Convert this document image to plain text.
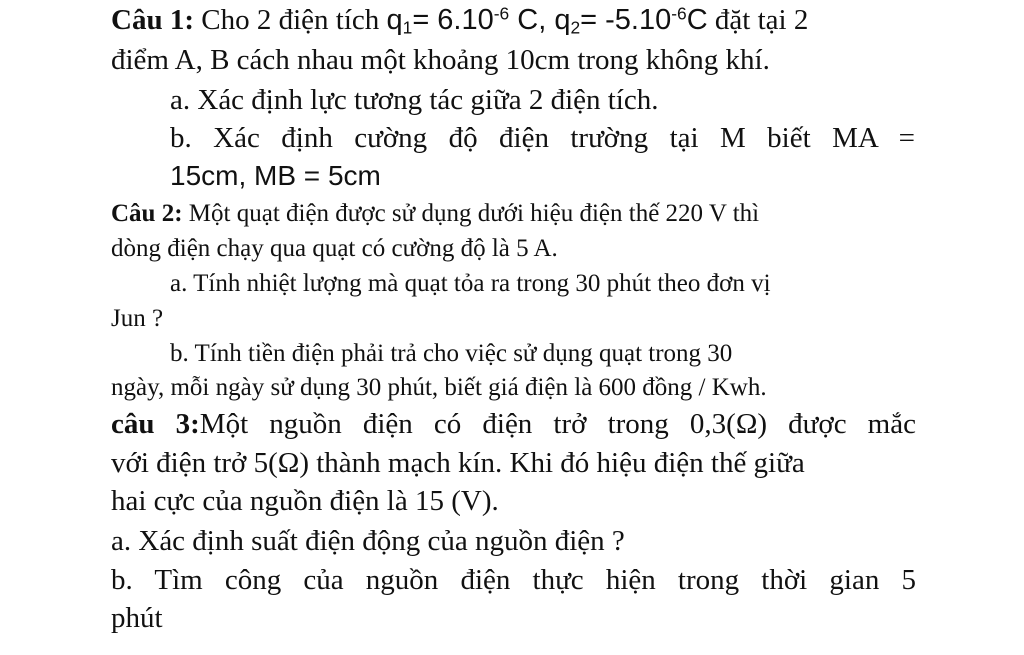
Câu 1: Cho 2 điện tích $q_1= 6.10^{-6}$ C, $q_2= -5.10^{-6}C$ đặt tại 2
điểm A, B cách nhau một khoảng 10cm trong không khí.
a. Xác định lực tương tác giữa 2 điện tích.
b. Xác định cường độ điện trường tại M biết MA =
15cm, MB = 5cm
Câu 2: Một quạt điện được sử dụng dưới hiệu điện thế 220 V thì
dòng điện chạy qua quạt có cường độ là 5 A.
a. Tính nhiệt lượng mà quạt tỏa ra trong 30 phút theo đơn vị
Jun ?
b. Tính tiền điện phải trả cho việc sử dụng quạt trong 30
ngày, mỗi ngày sử dụng 30 phút, biết giá điện là 600 đồng / Kwh.
câu 3:Một nguồn điện có điện trở trong 0,3(Ω) được mắc
với điện trở 5(Ω) thành mạch kín. Khi đó hiệu điện thế giữa
hai cực của nguồn điện là 15 (V).
a. Xác định suất điện động của nguồn điện ?
b. Tìm công của nguồn điện thực hiện trong thời gian 5
phút
